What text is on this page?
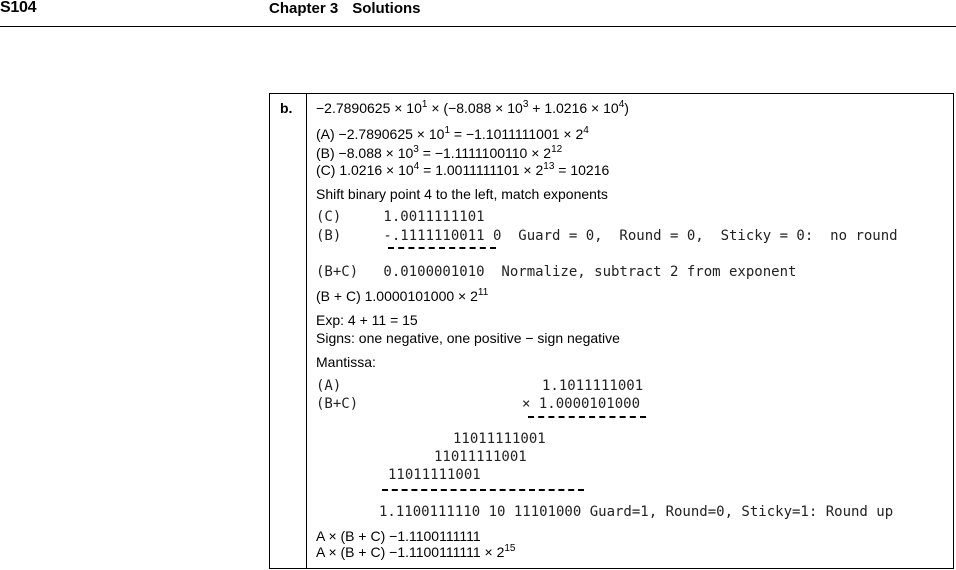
S104	Chapter 3 Solutions
b. $-2.7890625 \times 10^1 \times (-8.088 \times 10^3 + 1.0216 \times 10^4)$
$(A) -2.7890625 \times 10^1 = -1.1011111001 \times 2^4$
$(B) -8.088 \times 10^3 = -1.1111100110 \times 2^{12}$
(C) $1.0216 \times 10^4 = 1.0011111101 \times 2^{13} = 10216$
Shift binary point 4 to the left, match exponents
(C)     1.0011111101
(B)     -.1111110011 0  Guard = 0,  Round = 0,  Sticky = 0:  no round
(B+C)   0.0100001010  Normalize, subtract 2 from exponent
(B + C) $1.0000101000 \times 2^{11}$
Exp: 4 + 11 = 15
Signs: one negative, one positive − sign negative
Mantissa:
(A)	1.1011111001
(B+C)	× 1.0000101000
11011111001
11011111001
11011111001
1.1100111110 10 11101000 Guard=1, Round=0, Sticky=1: Round up
A × (B + C) −1.1100111111
$A \times (B + C) -1.1100111111 \times 2^{15}$
